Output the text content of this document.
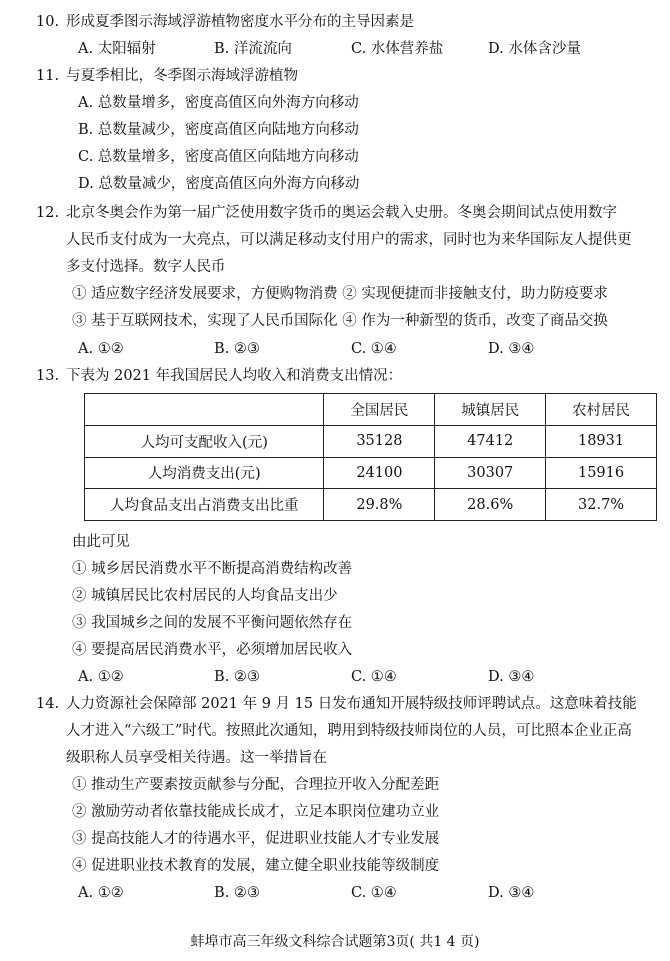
10. 形成夏季图示海域浮游植物密度水平分布的主导因素是
A. 太阳辐射	B. 洋流流向	C. 水体营养盐	D. 水体含沙量
11. 与夏季相比，冬季图示海域浮游植物
A. 总数量增多，密度高值区向外海方向移动
B. 总数量减少，密度高值区向陆地方向移动
C. 总数量增多，密度高值区向陆地方向移动
D. 总数量减少，密度高值区向外海方向移动
12. 北京冬奥会作为第一届广泛使用数字货币的奥运会载入史册。冬奥会期间试点使用数字
人民币支付成为一大亮点，可以满足移动支付用户的需求，同时也为来华国际友人提供更
多支付选择。数字人民币
① 适应数字经济发展要求，方便购物消费 ② 实现便捷而非接触支付，助力防疫要求
③ 基于互联网技术，实现了人民币国际化 ④ 作为一种新型的货币，改变了商品交换
A. ①②	B. ②③	C. ①④	D. ③④
13. 下表为 2021 年我国居民人均收入和消费支出情况：
	全国居民	城镇居民	农村居民
人均可支配收入(元)	35128	47412	18931
人均消费支出(元)	24100	30307	15916
人均食品支出占消费支出比重	29.8%	28.6%	32.7%
由此可见
① 城乡居民消费水平不断提高消费结构改善
② 城镇居民比农村居民的人均食品支出少
③ 我国城乡之间的发展不平衡问题依然存在
④ 要提高居民消费水平，必须增加居民收入
A. ①②	B. ②③	C. ①④	D. ③④
14. 人力资源社会保障部 2021 年 9 月 15 日发布通知开展特级技师评聘试点。这意味着技能
人才进入“六级工”时代。按照此次通知，聘用到特级技师岗位的人员，可比照本企业正高
级职称人员享受相关待遇。这一举措旨在
① 推动生产要素按贡献参与分配，合理拉开收入分配差距
② 激励劳动者依靠技能成长成才，立足本职岗位建功立业
③ 提高技能人才的待遇水平，促进职业技能人才专业发展
④ 促进职业技术教育的发展，建立健全职业技能等级制度
A. ①②	B. ②③	C. ①④	D. ③④
蚌埠市高三年级文科综合试题第3页( 共1 4 页)
